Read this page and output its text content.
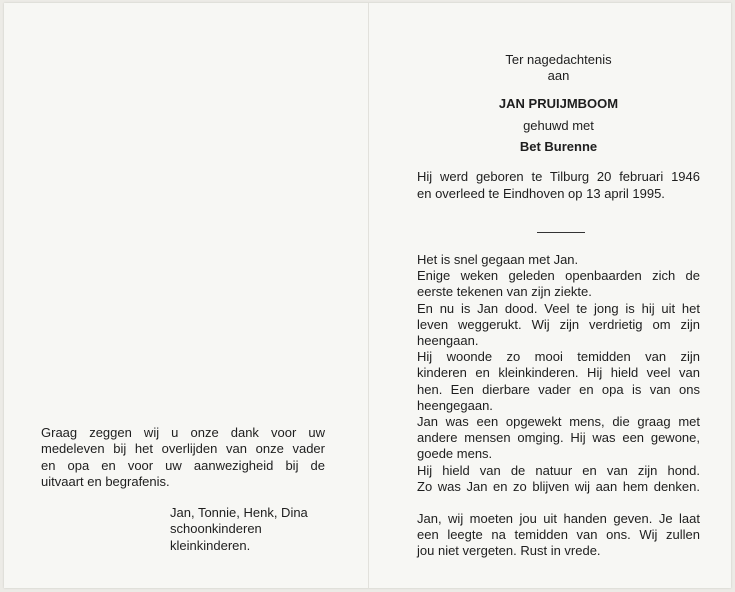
Graag zeggen wij u onze dank voor uw
medeleven bij het overlijden van onze vader
en opa en voor uw aanwezigheid bij de
uitvaart en begrafenis.
Jan, Tonnie, Henk, Dina
schoonkinderen
kleinkinderen.
Ter nagedachtenis
aan
JAN PRUIJMBOOM
gehuwd met
Bet Burenne
Hij werd geboren te Tilburg 20 februari 1946
en overleed te Eindhoven op 13 april 1995.
Het is snel gegaan met Jan.
Enige weken geleden openbaarden zich de
eerste tekenen van zijn ziekte.
En nu is Jan dood. Veel te jong is hij uit het
leven weggerukt. Wij zijn verdrietig om zijn
heengaan.
Hij woonde zo mooi temidden van zijn
kinderen en kleinkinderen. Hij hield veel van
hen. Een dierbare vader en opa is van ons
heengegaan.
Jan was een opgewekt mens, die graag met
andere mensen omging. Hij was een gewone,
goede mens.
Hij hield van de natuur en van zijn hond.
Zo was Jan en zo blijven wij aan hem denken.
Jan, wij moeten jou uit handen geven. Je laat
een leegte na temidden van ons. Wij zullen
jou niet vergeten. Rust in vrede.
